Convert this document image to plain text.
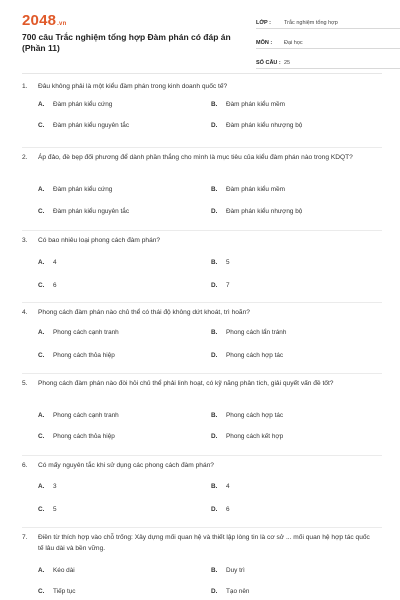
2048.vn
700 câu Trắc nghiệm tổng hợp Đàm phán có đáp án (Phần 11)
LỚP :	Trắc nghiệm tổng hợp
MÔN :	Đại học
SỐ CÂU : 25
1.	Đâu không phải là một kiểu đàm phán trong kinh doanh quốc tế?
A.	Đàm phán kiểu cứng	B.	Đàm phán kiểu mềm
C.	Đàm phán kiểu nguyên tắc	D.	Đàm phán kiểu nhượng bộ
2.	Áp đảo, đè bẹp đối phương để dành phần thắng cho mình là mục tiêu của kiểu đàm phán nào trong KDQT?
A.	Đàm phán kiểu cứng	B.	Đàm phán kiểu mềm
C.	Đàm phán kiểu nguyên tắc	D.	Đàm phán kiểu nhượng bộ
3.	Có bao nhiêu loại phong cách đàm phán?
A.	4	B.	5
C.	6	D.	7
4.	Phong cách đàm phán nào chủ thể có thái độ không dứt khoát, trì hoãn?
A.	Phong cách cạnh tranh	B.	Phong cách lẩn tránh
C.	Phong cách thỏa hiệp	D.	Phong cách hợp tác
5.	Phong cách đàm phán nào đòi hỏi chủ thể phải linh hoạt, có kỹ năng phân tích, giải quyết vấn đề tốt?
A.	Phong cách cạnh tranh	B.	Phong cách hợp tác
C.	Phong cách thỏa hiệp	D.	Phong cách kết hợp
6.	Có mấy nguyên tắc khi sử dụng các phong cách đàm phán?
A.	3	B.	4
C.	5	D.	6
7.	Điền từ thích hợp vào chỗ trống: Xây dựng mối quan hệ và thiết lập lòng tin là cơ sở ... mối quan hệ hợp tác quốc tế lâu dài và bền vững.
A.	Kéo dài	B.	Duy trì
C.	Tiếp tục	D.	Tạo nên
